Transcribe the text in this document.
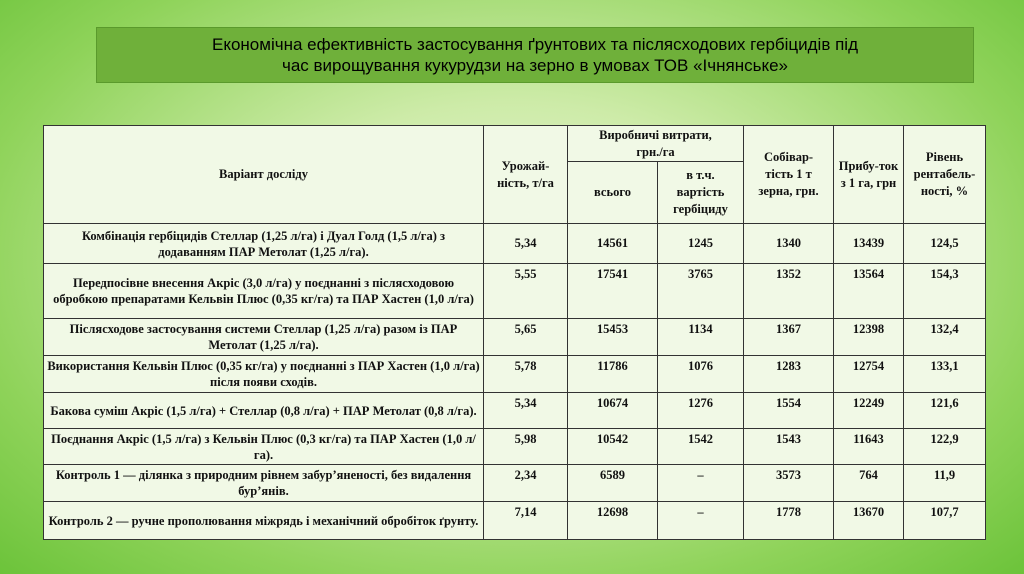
Економічна ефективність застосування ґрунтових та післясходових гербіцидів під
час вирощування кукурудзи на зерно в умовах ТОВ «Ічнянське»
Варіант досліду	Урожай-ність, т/га	Виробничі витрати, грн./га		Собівар-тість 1 т зерна, грн.	Прибу-ток з 1 га, грн	Рівень рентабель-ності, %
		всього	в т.ч. вартість гербіциду			
Комбінація гербіцидів Стеллар (1,25 л/га) і Дуал Голд (1,5 л/га) з додаванням ПАР Метолат (1,25 л/га).	5,34	14561	1245	1340	13439	124,5
Передпосівне внесення Акріс (3,0 л/га) у поєднанні з післясходовою обробкою препаратами Кельвін Плюс (0,35 кг/га) та ПАР Хастен (1,0 л/га)	5,55	17541	3765	1352	13564	154,3
Післясходове застосування системи Стеллар (1,25 л/га) разом із ПАР Метолат (1,25 л/га).	5,65	15453	1134	1367	12398	132,4
Використання Кельвін Плюс (0,35 кг/га) у поєднанні з ПАР Хастен (1,0 л/га) після появи сходів.	5,78	11786	1076	1283	12754	133,1
Бакова суміш Акріс (1,5 л/га) + Стеллар (0,8 л/га) + ПАР Метолат (0,8 л/га).	5,34	10674	1276	1554	12249	121,6
Поєднання Акріс (1,5 л/га) з Кельвін Плюс (0,3 кг/га) та ПАР Хастен (1,0 л/га).	5,98	10542	1542	1543	11643	122,9
Контроль 1 — ділянка з природним рівнем забур’яненості, без видалення бур’янів.	2,34	6589	–	3573	764	11,9
Контроль 2 — ручне прополювання міжрядь і механічний обробіток ґрунту.	7,14	12698	–	1778	13670	107,7
